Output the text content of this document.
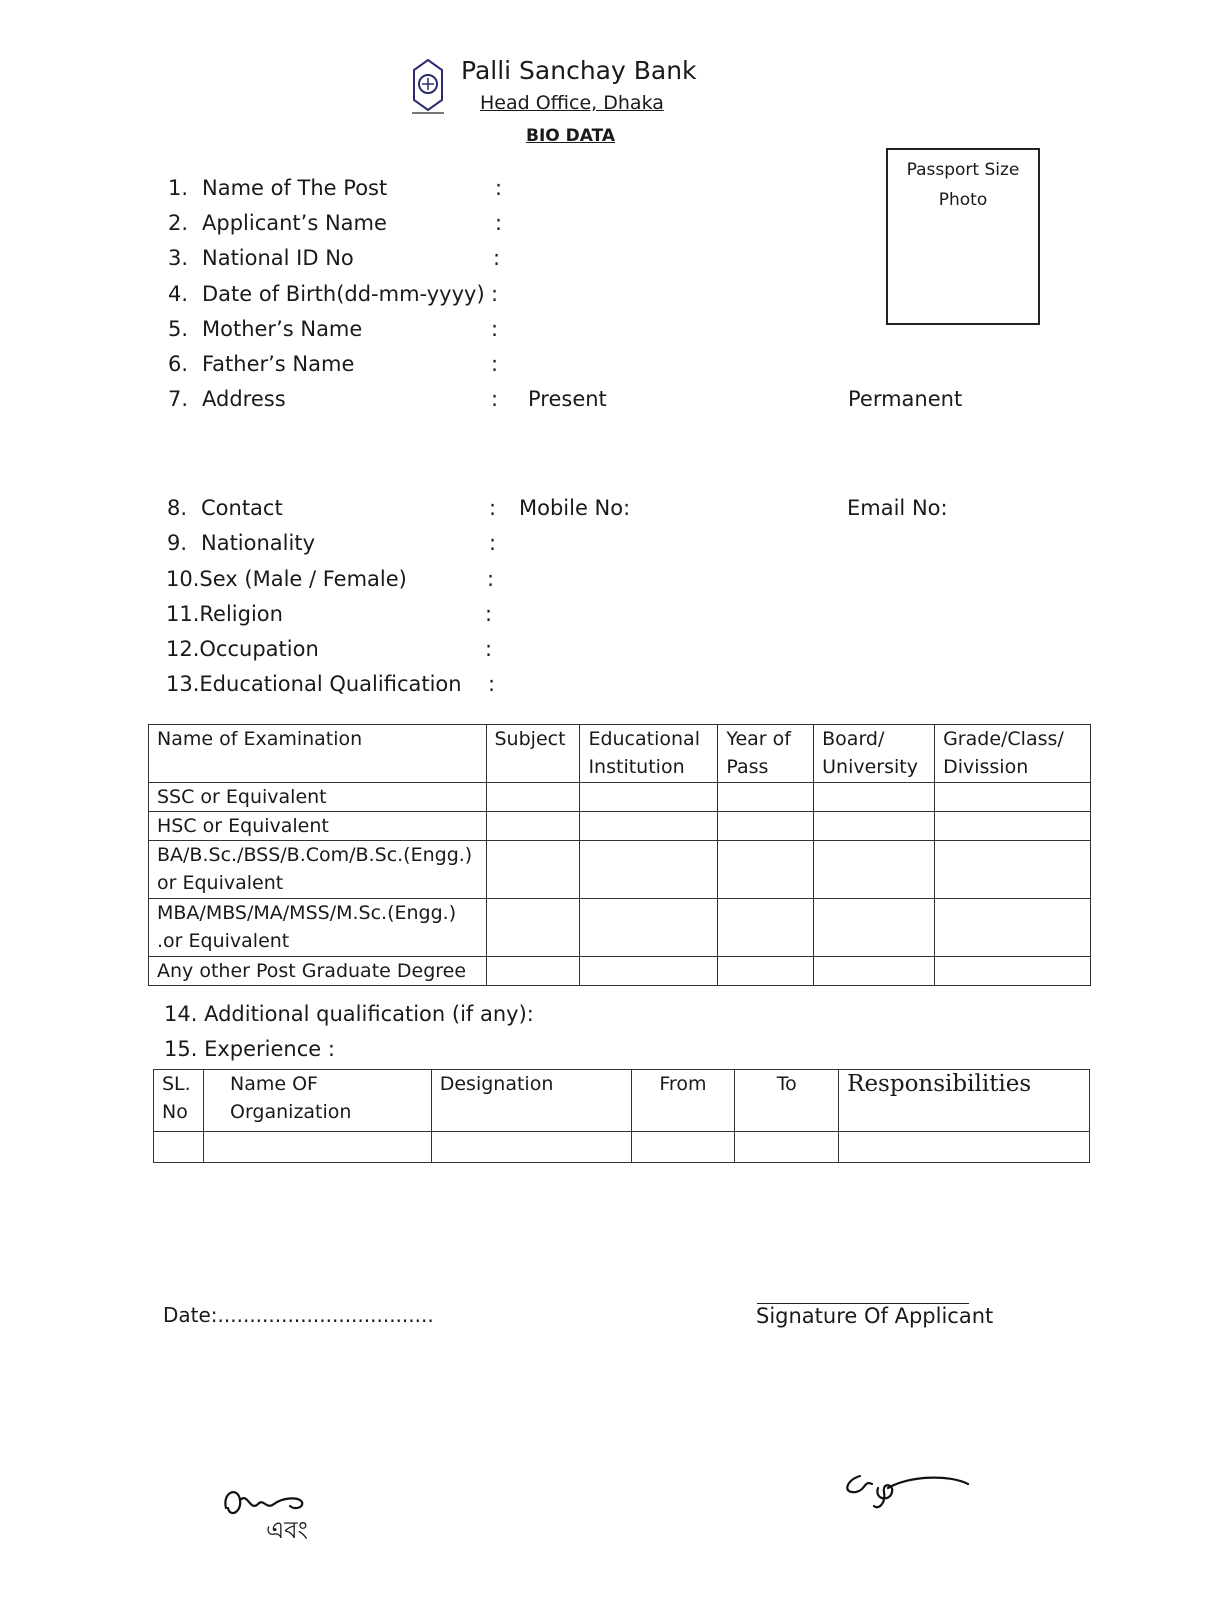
Palli Sanchay Bank
Head Office, Dhaka
BIO DATA
Passport Size
Photo
1. Name of The Post	:
2. Applicant’s Name	:
3. National ID No	:
4. Date of Birth(dd-mm-yyyy) :
5. Mother’s Name	:
6. Father’s Name	:
7. Address	: Present	Permanent
8. Contact	: Mobile No:	Email No:
9. Nationality	:
10.Sex (Male / Female)	:
11.Religion	:
12.Occupation	:
13.Educational Qualification :
Name of Examination	Subject	Educational Institution	Year of Pass	Board/ University	Grade/Class/ Divission
SSC or Equivalent					
HSC or Equivalent					
BA/B.Sc./BSS/B.Com/B.Sc.(Engg.) or Equivalent					
MBA/MBS/MA/MSS/M.Sc.(Engg.) .or Equivalent					
Any other Post Graduate Degree					
14. Additional qualification (if any):
15. Experience :
SL. No	Name OF Organization	Designation	From	To	Responsibilities

Date:..................................	Signature Of Applicant
এবং
